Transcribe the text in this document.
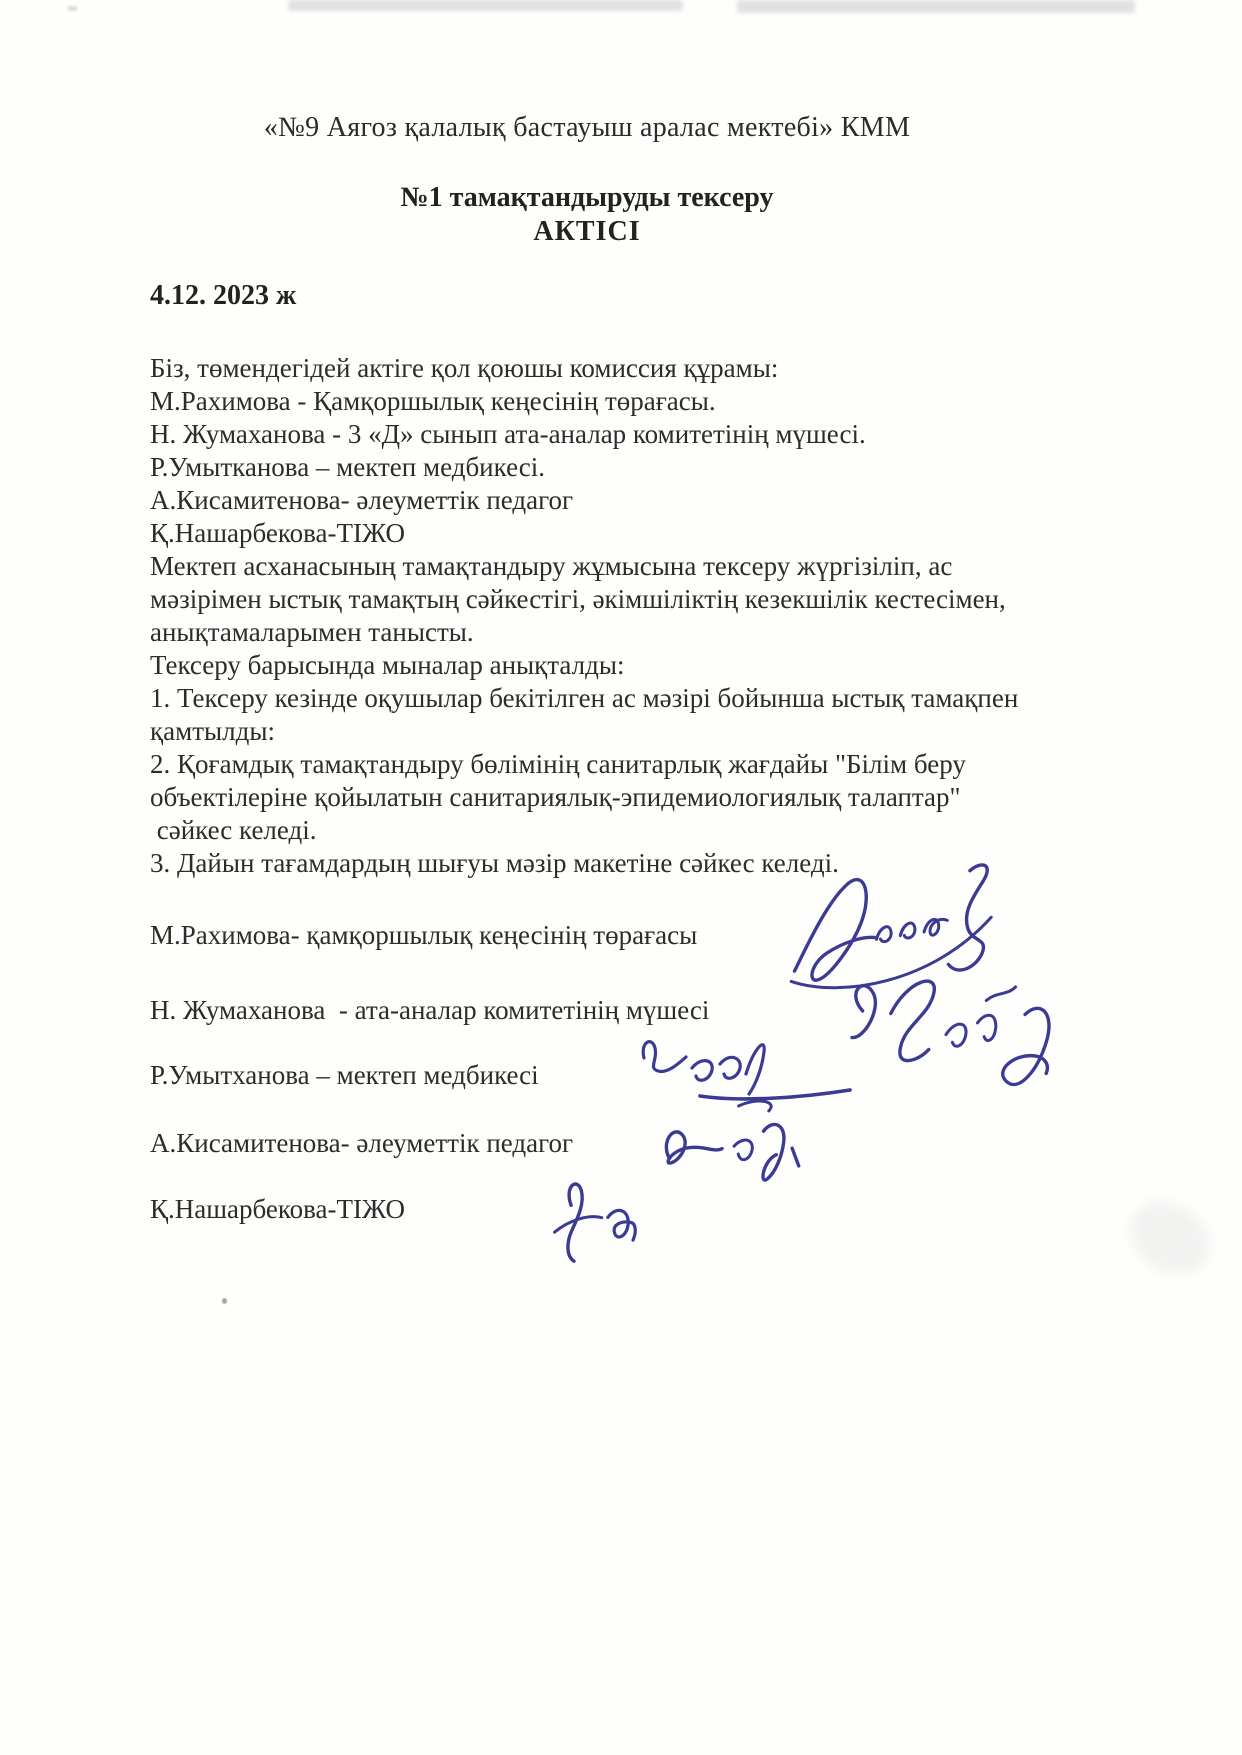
«№9 Аягоз қалалық бастауыш аралас мектебі» КММ
№1 тамақтандыруды тексеру
АКТІСІ
4.12. 2023 ж
Біз, төмендегідей актіге қол қоюшы комиссия құрамы:
М.Рахимова - Қамқоршылық кеңесінің төрағасы.
Н. Жумаханова - 3 «Д» сынып ата-аналар комитетінің мүшесі.
Р.Умытканова – мектеп медбикесі.
А.Кисамитенова- әлеуметтік педагог
Қ.Нашарбекова-ТІЖО
Мектеп асханасының тамақтандыру жұмысына тексеру жүргізіліп, ас
мәзірімен ыстық тамақтың сәйкестігі, әкімшіліктің кезекшілік кестесімен,
анықтамаларымен танысты.
Тексеру барысында мыналар анықталды:
1. Тексеру кезінде оқушылар бекітілген ас мәзірі бойынша ыстық тамақпен
қамтылды:
2. Қоғамдық тамақтандыру бөлімінің санитарлық жағдайы "Білім беру
объектілеріне қойылатын санитариялық-эпидемиологиялық талаптар"
сәйкес келеді.
3. Дайын тағамдардың шығуы мәзір макетіне сәйкес келеді.
М.Рахимова- қамқоршылық кеңесінің төрағасы
Н. Жумаханова  - ата-аналар комитетінің мүшесі
Р.Умытханова – мектеп медбикесі
А.Кисамитенова- әлеуметтік педагог
Қ.Нашарбекова-ТІЖО
